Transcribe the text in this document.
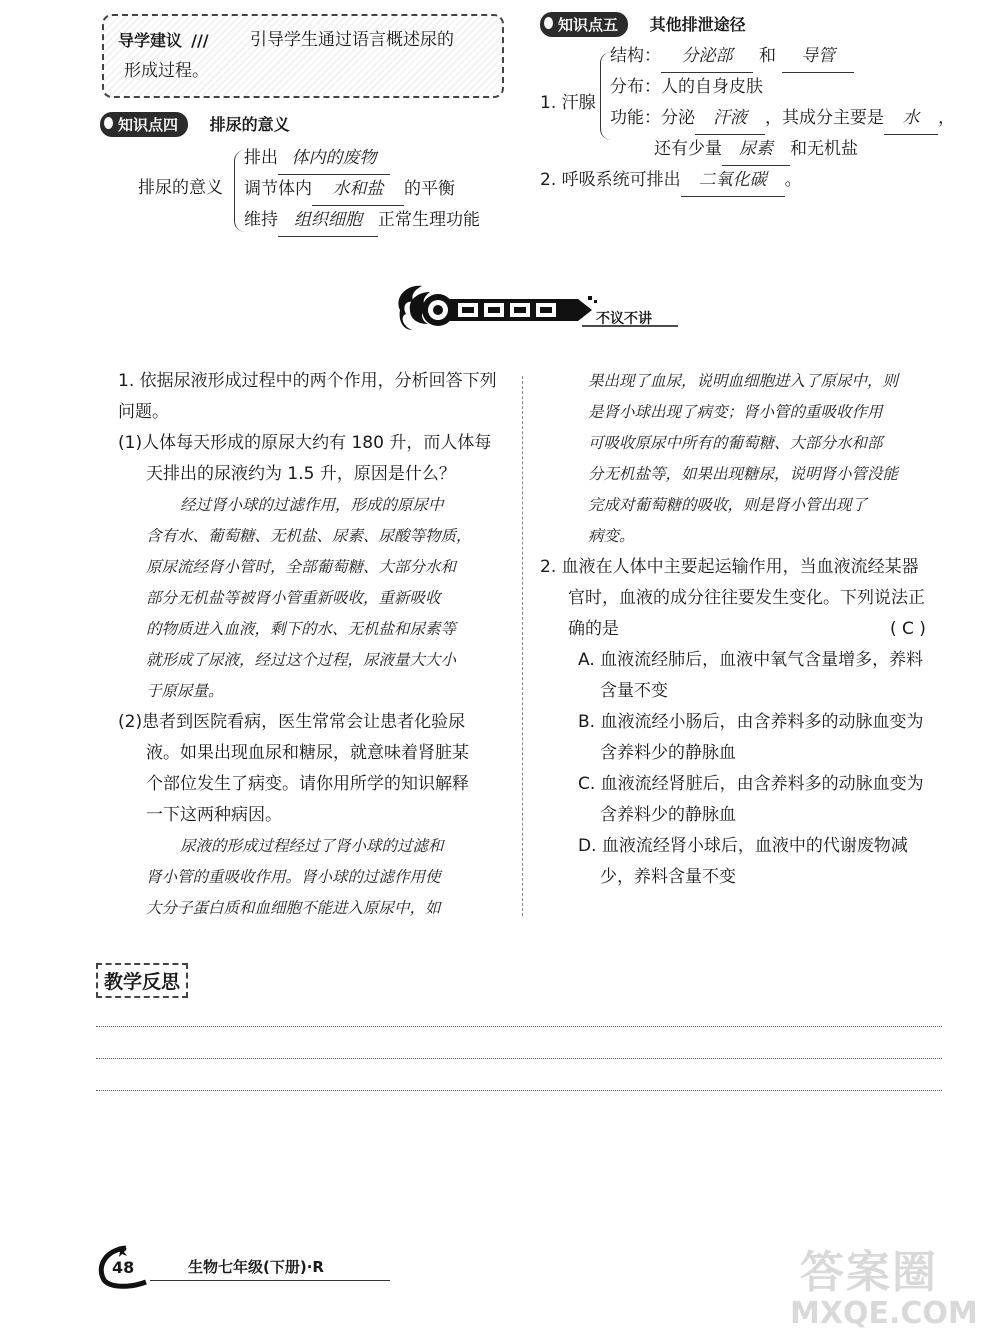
导学建议 /// 引导学生通过语言概述尿的
形成过程。
知识点四 排尿的意义
排尿的意义
排出 体内的废物
调节体内 水和盐 的平衡
维持 组织细胞 正常生理功能
知识点五 其他排泄途径
1. 汗腺
结构： 分泌部 和 导管
分布：人的自身皮肤
功能：分泌 汗液 ，其成分主要是 水 ，
还有少量 尿素 和无机盐
2. 呼吸系统可排出 二氧化碳 。
不议不讲
1. 依据尿液形成过程中的两个作用，分析回答下列
问题。
(1)人体每天形成的原尿大约有 180 升，而人体每
天排出的尿液约为 1.5 升，原因是什么？
经过肾小球的过滤作用，形成的原尿中
含有水、葡萄糖、无机盐、尿素、尿酸等物质，
原尿流经肾小管时，全部葡萄糖、大部分水和
部分无机盐等被肾小管重新吸收，重新吸收
的物质进入血液，剩下的水、无机盐和尿素等
就形成了尿液，经过这个过程，尿液量大大小
于原尿量。
(2)患者到医院看病，医生常常会让患者化验尿
液。如果出现血尿和糖尿，就意味着肾脏某
个部位发生了病变。请你用所学的知识解释
一下这两种病因。
尿液的形成过程经过了肾小球的过滤和
肾小管的重吸收作用。肾小球的过滤作用使
大分子蛋白质和血细胞不能进入原尿中，如
果出现了血尿，说明血细胞进入了原尿中，则
是肾小球出现了病变；肾小管的重吸收作用
可吸收原尿中所有的葡萄糖、大部分水和部
分无机盐等，如果出现糖尿，说明肾小管没能
完成对葡萄糖的吸收，则是肾小管出现了
病变。
2. 血液在人体中主要起运输作用，当血液流经某器
官时，血液的成分往往要发生变化。下列说法正
确的是	( C )
A. 血液流经肺后，血液中氧气含量增多，养料
含量不变
B. 血液流经小肠后，由含养料多的动脉血变为
含养料少的静脉血
C. 血液流经肾脏后，由含养料多的动脉血变为
含养料少的静脉血
D. 血液流经肾小球后，血液中的代谢废物减
少，养料含量不变
教学反思
48	生物七年级(下册)·R	答案圈
MXQE.COM
